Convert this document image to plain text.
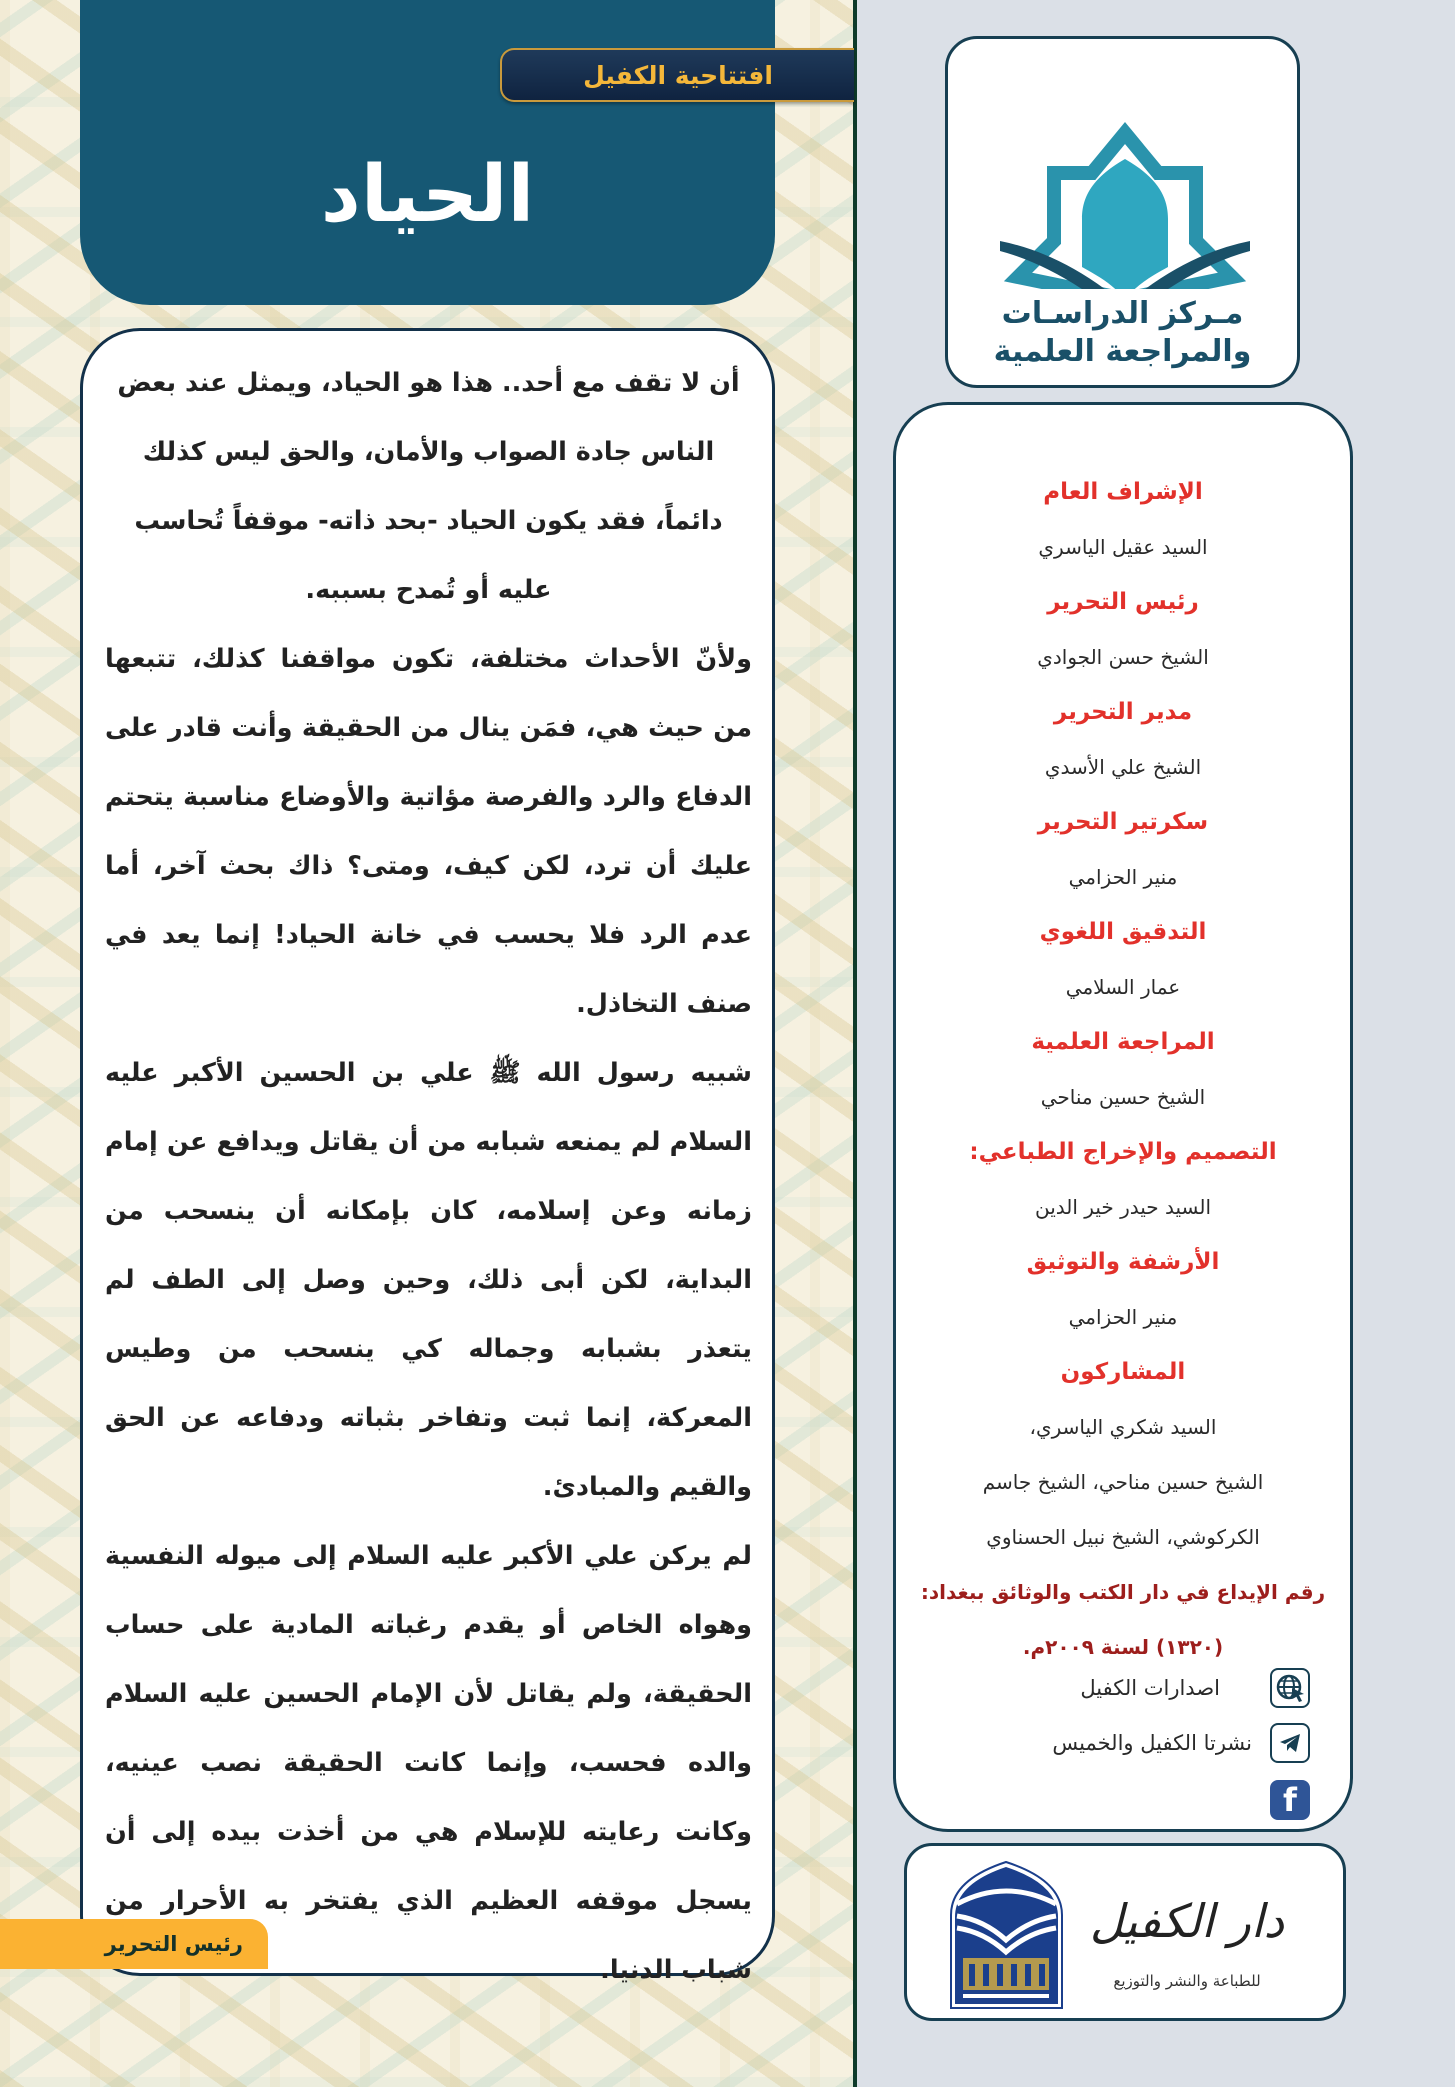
افتتاحية الكفيل
الحياد

أن لا تقف مع أحد.. هذا هو الحياد، ويمثل عند بعض الناس جادة الصواب والأمان، والحق ليس كذلك دائماً، فقد يكون الحياد -بحد ذاته- موقفاً تُحاسب عليه أو تُمدح بسببه.

ولأنّ الأحداث مختلفة، تكون مواقفنا كذلك، تتبعها من حيث هي، فمَن ينال من الحقيقة وأنت قادر على الدفاع والرد والفرصة مؤاتية والأوضاع مناسبة يتحتم عليك أن ترد، لكن كيف، ومتى؟ ذاك بحث آخر، أما عدم الرد فلا يحسب في خانة الحياد! إنما يعد في صنف التخاذل.

شبيه رسول الله ﷺ علي بن الحسين الأكبر عليه السلام لم يمنعه شبابه من أن يقاتل ويدافع عن إمام زمانه وعن إسلامه، كان بإمكانه أن ينسحب من البداية، لكن أبى ذلك، وحين وصل إلى الطف لم يتعذر بشبابه وجماله كي ينسحب من وطيس المعركة، إنما ثبت وتفاخر بثباته ودفاعه عن الحق والقيم والمبادئ.

لم يركن علي الأكبر عليه السلام إلى ميوله النفسية وهواه الخاص أو يقدم رغباته المادية على حساب الحقيقة، ولم يقاتل لأن الإمام الحسين عليه السلام والده فحسب، وإنما كانت الحقيقة نصب عينيه، وكانت رعايته للإسلام هي من أخذت بيده إلى أن يسجل موقفه العظيم الذي يفتخر به الأحرار من شباب الدنيا.

رئيس التحرير
مـركز الدراسـات
والمراجعة العلمية
الإشراف العام
السيد عقيل الياسري
رئيس التحرير
الشيخ حسن الجوادي
مدير التحرير
الشيخ علي الأسدي
سكرتير التحرير
منير الحزامي
التدقيق اللغوي
عمار السلامي
المراجعة العلمية
الشيخ حسين مناحي
التصميم والإخراج الطباعي:
السيد حيدر خير الدين
الأرشفة والتوثيق
منير الحزامي
المشاركون
السيد شكري الياسري،
الشيخ حسين مناحي، الشيخ جاسم
الكركوشي، الشيخ نبيل الحسناوي
رقم الإيداع في دار الكتب والوثائق ببغداد:
(١٣٢٠) لسنة ٢٠٠٩م.
اصدارات الكفيل
نشرتا الكفيل والخميس
f
دار الكفيل
للطباعة والنشر والتوزيع
